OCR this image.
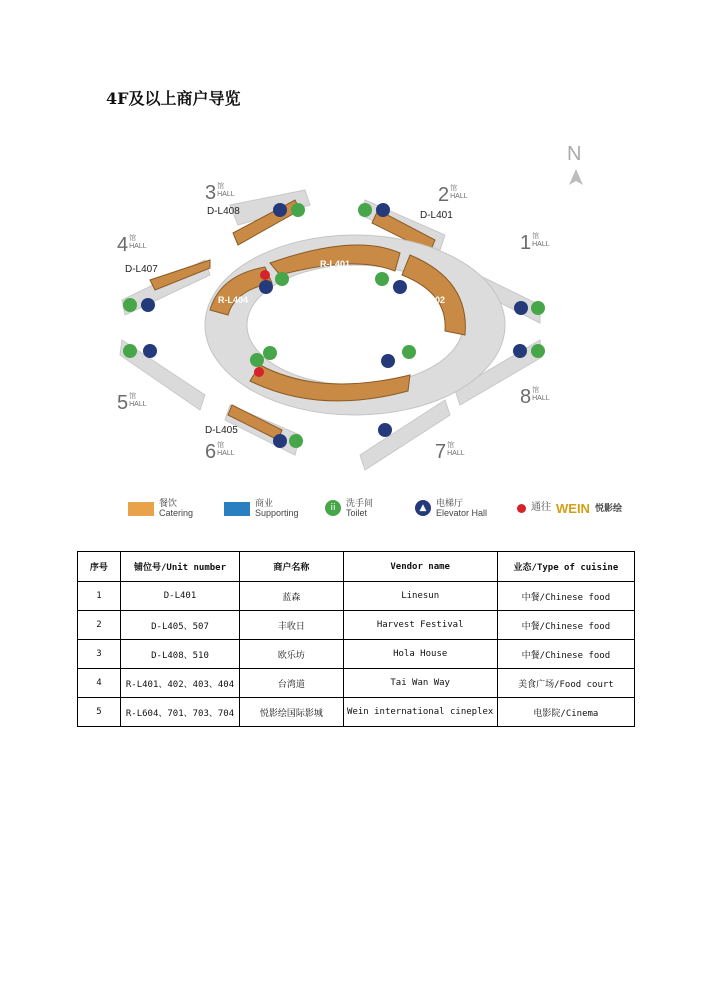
4F及以上商户导览
N
R-L401
R-L402
R-L403
R-L404
3 馆
HALL	2 馆
HALL
1 馆
HALL
4 馆
HALL
5 馆
HALL
6 馆
HALL	7 馆
HALL
8 馆
HALL
D-L408	D-L401
D-L407
D-L405
餐饮
Catering
商业
Supporting	ii	洗手间
Toilet	▲	电梯厅
Elevator Hall	通往 WEIN 悦影绘
序号	铺位号/Unit number	商户名称	Vendor name	业态/Type of cuisine
1	D-L401	蓝森	Linesun	中餐/Chinese food
2	D-L405、507	丰收日	Harvest Festival	中餐/Chinese food
3	D-L408、510	欧乐坊	Hola House	中餐/Chinese food
4	R-L401、402、403、404	台湾道	Tai Wan Way	美食广场/Food court
5	R-L604、701、703、704	悦影绘国际影城	Wein international cineplex	电影院/Cinema
